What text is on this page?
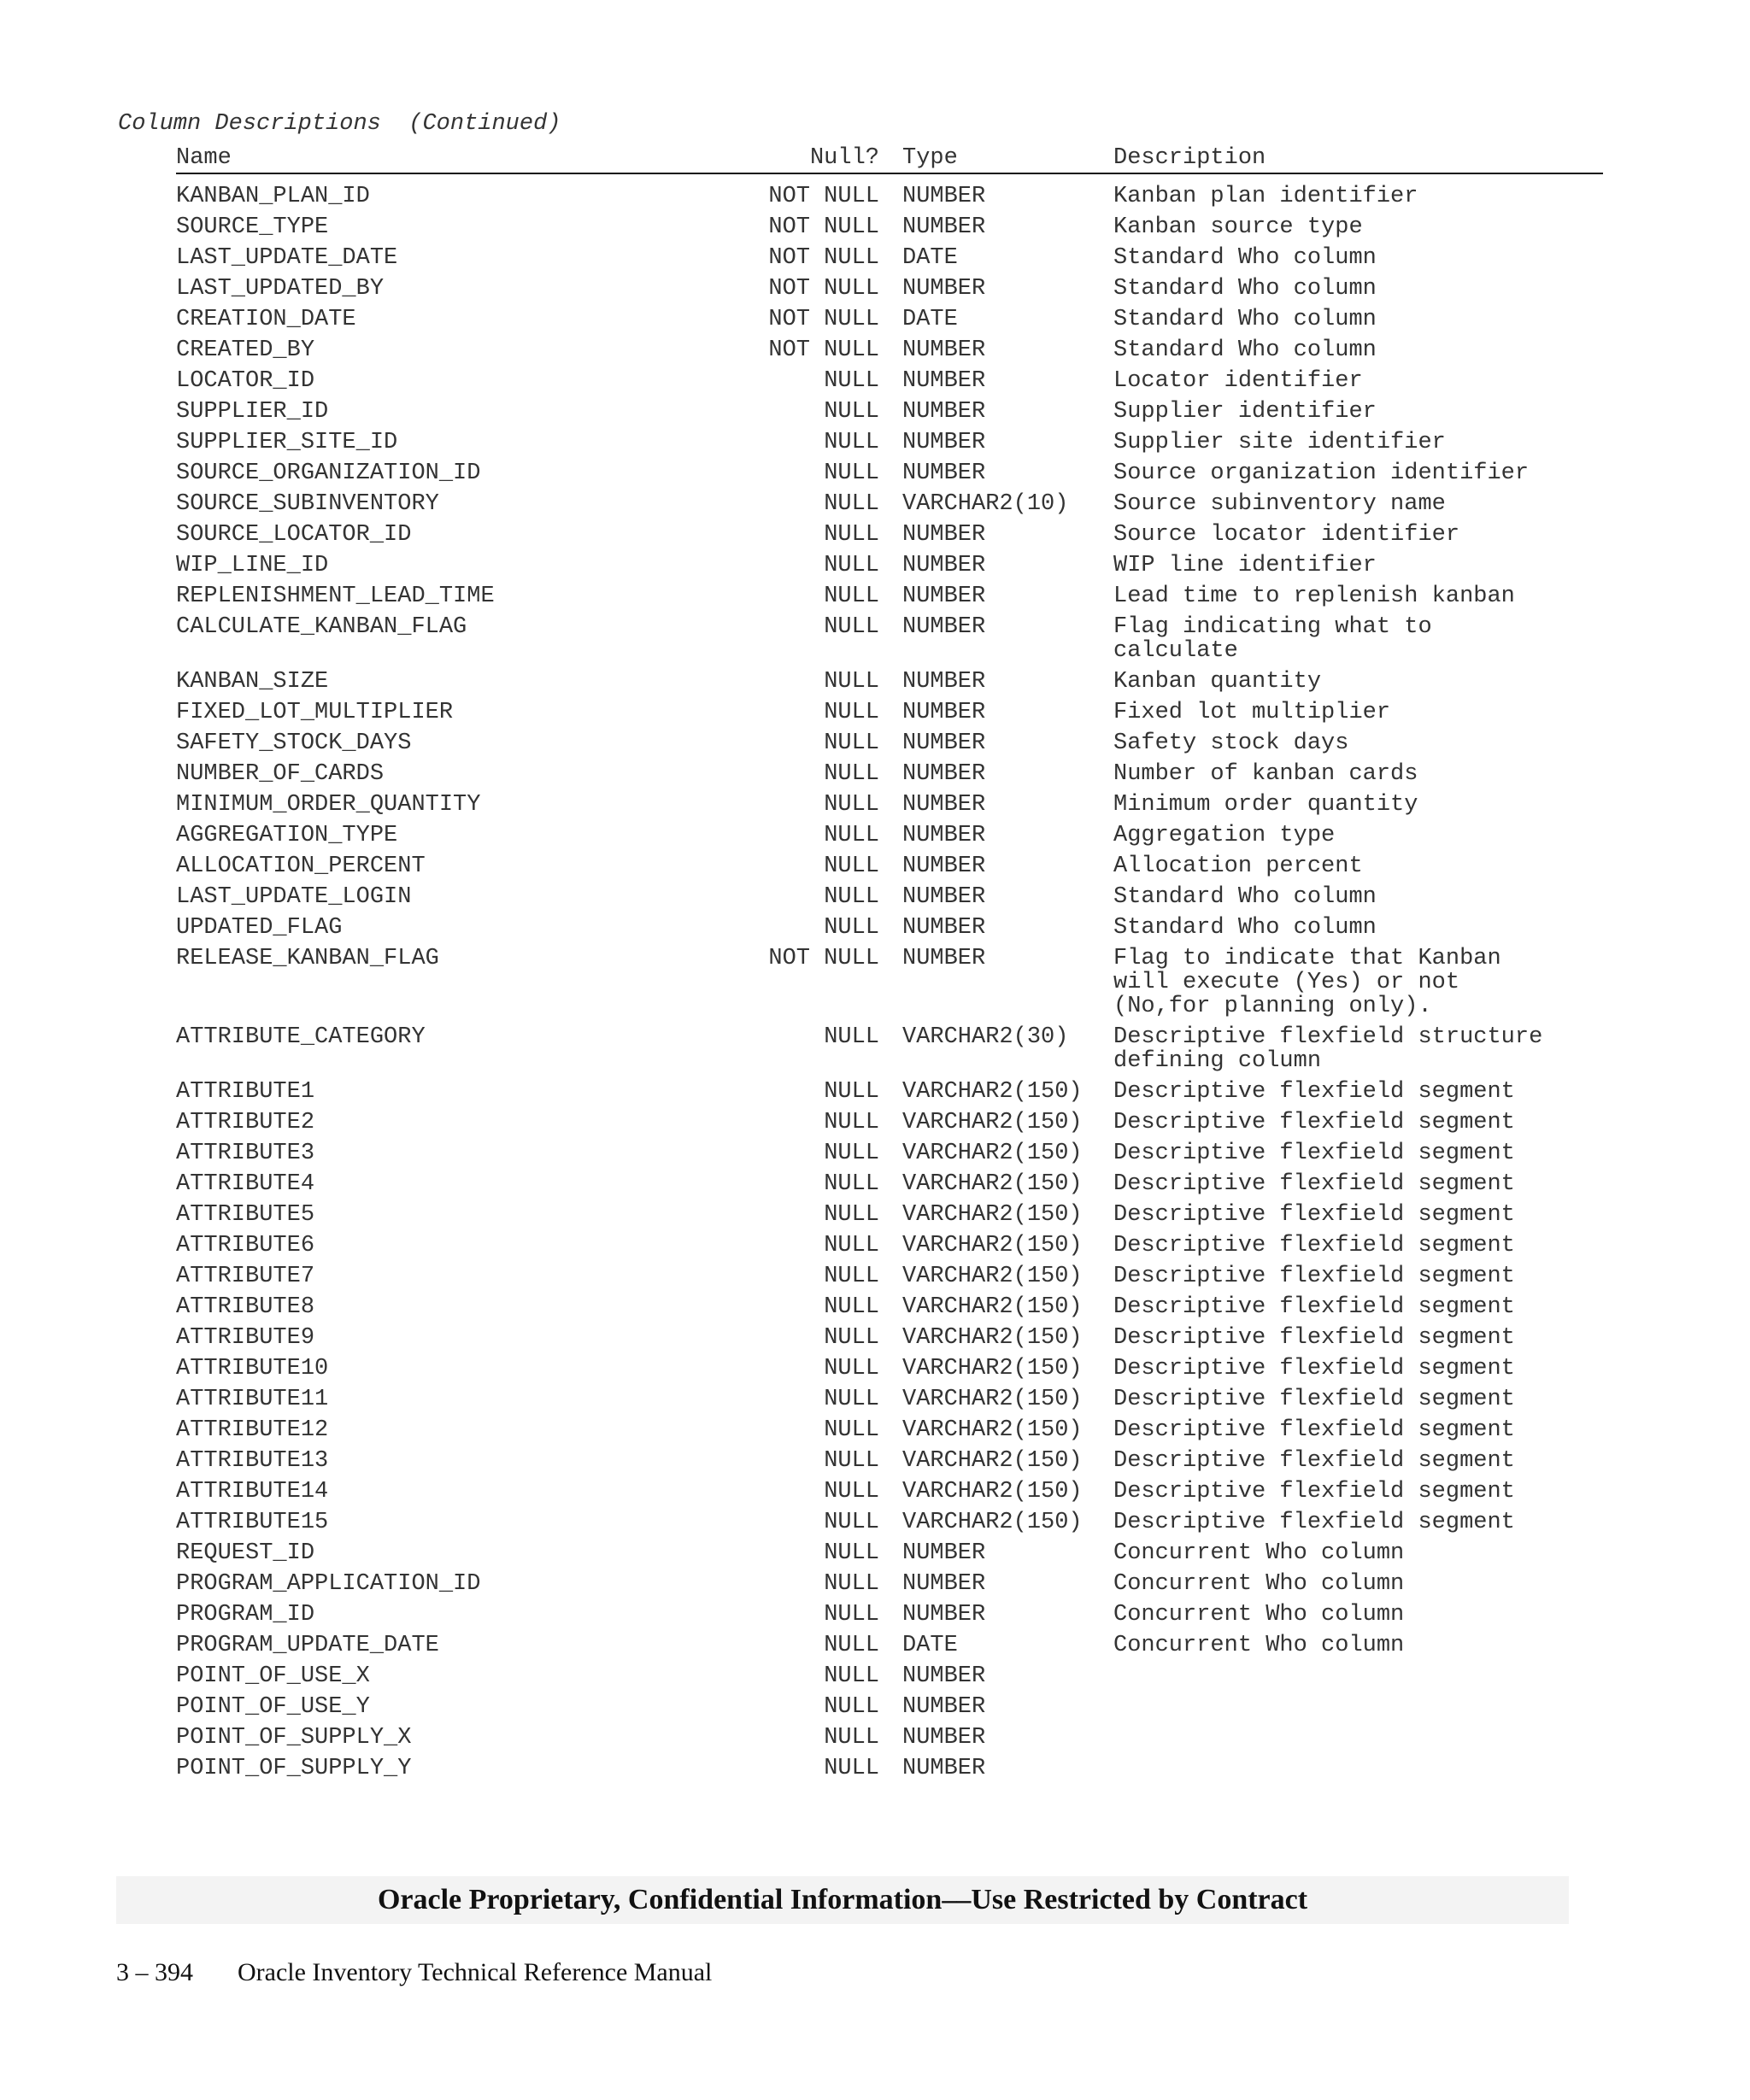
Column Descriptions  (Continued)
Name	Null? Type	Description
KANBAN_PLAN_ID	NOT NULL NUMBER	Kanban plan identifier
SOURCE_TYPE	NOT NULL NUMBER	Kanban source type
LAST_UPDATE_DATE	NOT NULL DATE	Standard Who column
LAST_UPDATED_BY	NOT NULL NUMBER	Standard Who column
CREATION_DATE	NOT NULL DATE	Standard Who column
CREATED_BY	NOT NULL NUMBER	Standard Who column
LOCATOR_ID	NULL NUMBER	Locator identifier
SUPPLIER_ID	NULL NUMBER	Supplier identifier
SUPPLIER_SITE_ID	NULL NUMBER	Supplier site identifier
SOURCE_ORGANIZATION_ID	NULL NUMBER	Source organization identifier
SOURCE_SUBINVENTORY	NULL VARCHAR2(10) Source subinventory name
SOURCE_LOCATOR_ID	NULL NUMBER	Source locator identifier
WIP_LINE_ID	NULL NUMBER	WIP line identifier
REPLENISHMENT_LEAD_TIME	NULL NUMBER	Lead time to replenish kanban
CALCULATE_KANBAN_FLAG	NULL NUMBER	Flag indicating what to
calculate
KANBAN_SIZE	NULL NUMBER	Kanban quantity
FIXED_LOT_MULTIPLIER	NULL NUMBER	Fixed lot multiplier
SAFETY_STOCK_DAYS	NULL NUMBER	Safety stock days
NUMBER_OF_CARDS	NULL NUMBER	Number of kanban cards
MINIMUM_ORDER_QUANTITY	NULL NUMBER	Minimum order quantity
AGGREGATION_TYPE	NULL NUMBER	Aggregation type
ALLOCATION_PERCENT	NULL NUMBER	Allocation percent
LAST_UPDATE_LOGIN	NULL NUMBER	Standard Who column
UPDATED_FLAG	NULL NUMBER	Standard Who column
RELEASE_KANBAN_FLAG	NOT NULL NUMBER	Flag to indicate that Kanban
will execute (Yes) or not
(No,for planning only).
ATTRIBUTE_CATEGORY	NULL VARCHAR2(30) Descriptive flexfield structure
defining column
ATTRIBUTE1	NULL VARCHAR2(150) Descriptive flexfield segment
ATTRIBUTE2	NULL VARCHAR2(150) Descriptive flexfield segment
ATTRIBUTE3	NULL VARCHAR2(150) Descriptive flexfield segment
ATTRIBUTE4	NULL VARCHAR2(150) Descriptive flexfield segment
ATTRIBUTE5	NULL VARCHAR2(150) Descriptive flexfield segment
ATTRIBUTE6	NULL VARCHAR2(150) Descriptive flexfield segment
ATTRIBUTE7	NULL VARCHAR2(150) Descriptive flexfield segment
ATTRIBUTE8	NULL VARCHAR2(150) Descriptive flexfield segment
ATTRIBUTE9	NULL VARCHAR2(150) Descriptive flexfield segment
ATTRIBUTE10	NULL VARCHAR2(150) Descriptive flexfield segment
ATTRIBUTE11	NULL VARCHAR2(150) Descriptive flexfield segment
ATTRIBUTE12	NULL VARCHAR2(150) Descriptive flexfield segment
ATTRIBUTE13	NULL VARCHAR2(150) Descriptive flexfield segment
ATTRIBUTE14	NULL VARCHAR2(150) Descriptive flexfield segment
ATTRIBUTE15	NULL VARCHAR2(150) Descriptive flexfield segment
REQUEST_ID	NULL NUMBER	Concurrent Who column
PROGRAM_APPLICATION_ID	NULL NUMBER	Concurrent Who column
PROGRAM_ID	NULL NUMBER	Concurrent Who column
PROGRAM_UPDATE_DATE	NULL DATE	Concurrent Who column
POINT_OF_USE_X	NULL NUMBER
POINT_OF_USE_Y	NULL NUMBER
POINT_OF_SUPPLY_X	NULL NUMBER
POINT_OF_SUPPLY_Y	NULL NUMBER
Oracle Proprietary, Confidential Information––Use Restricted by Contract
3 – 394 Oracle Inventory Technical Reference Manual
